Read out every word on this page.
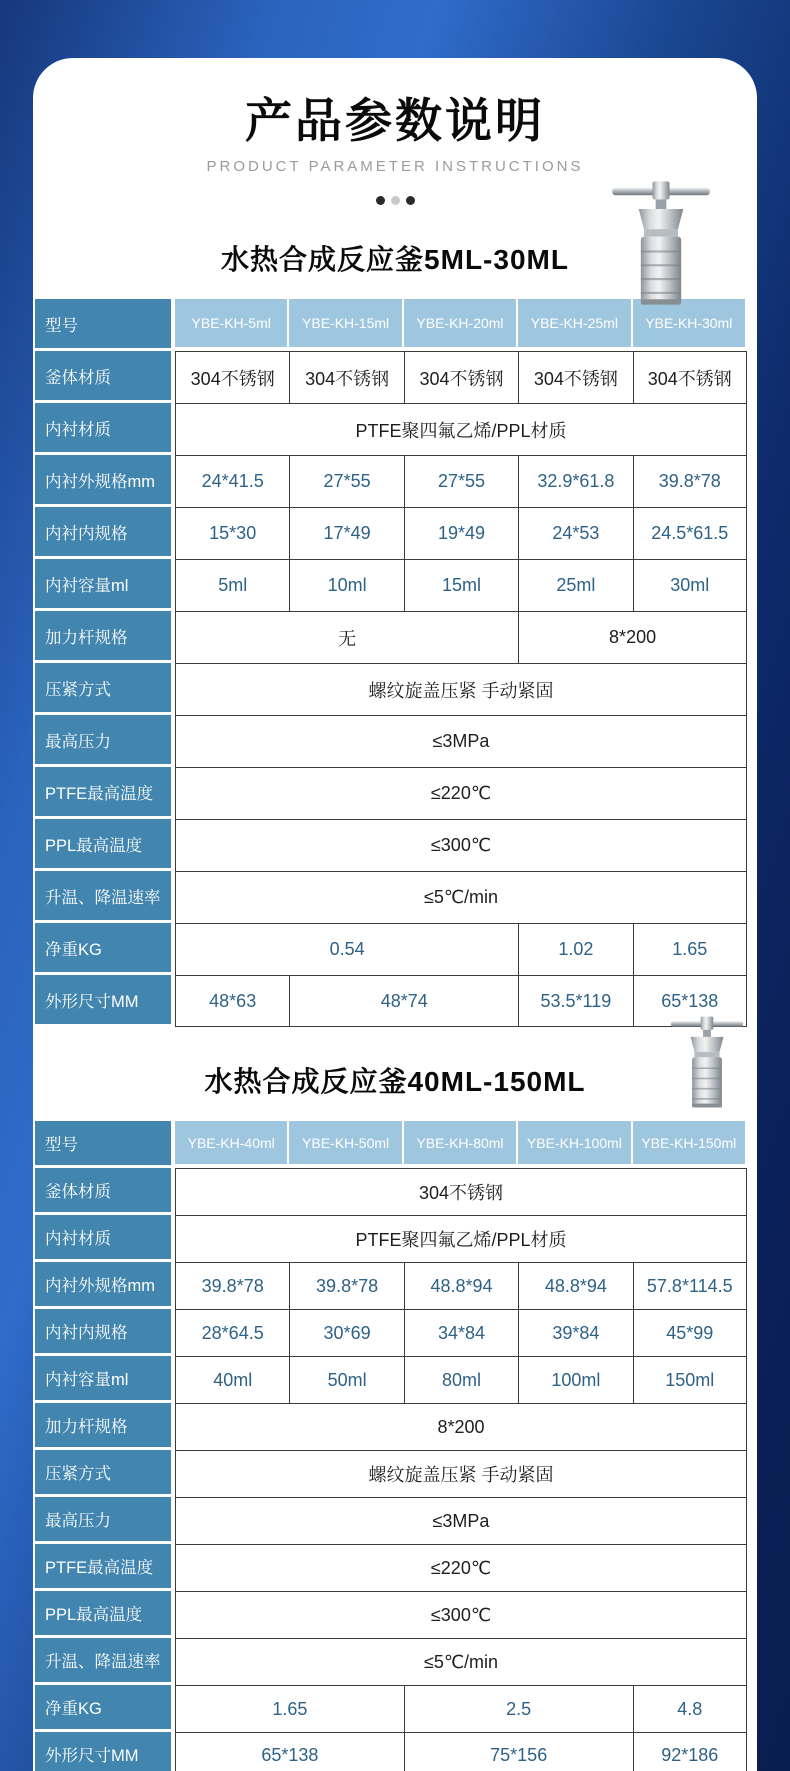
产品参数说明
PRODUCT PARAMETER INSTRUCTIONS
水热合成反应釜5ML-30ML
型号	YBE-KH-5ml	YBE-KH-15ml	YBE-KH-20ml	YBE-KH-25ml	YBE-KH-30ml
釜体材质	304不锈钢	304不锈钢	304不锈钢	304不锈钢	304不锈钢
内衬材质	PTFE聚四氟乙烯/PPL材质				
内衬外规格mm	24*41.5	27*55	27*55	32.9*61.8	39.8*78
内衬内规格	15*30	17*49	19*49	24*53	24.5*61.5
内衬容量ml	5ml	10ml	15ml	25ml	30ml
加力杆规格	无			8*200	
压紧方式	螺纹旋盖压紧 手动紧固				
最高压力	≤3MPa				
PTFE最高温度	≤220℃				
PPL最高温度	≤300℃				
升温、降温速率	≤5℃/min				
净重KG	0.54			1.02	1.65
外形尺寸MM	48*63	48*74		53.5*119	65*138
水热合成反应釜40ML-150ML
型号	YBE-KH-40ml	YBE-KH-50ml	YBE-KH-80ml	YBE-KH-100ml	YBE-KH-150ml
釜体材质	304不锈钢				
内衬材质	PTFE聚四氟乙烯/PPL材质				
内衬外规格mm	39.8*78	39.8*78	48.8*94	48.8*94	57.8*114.5
内衬内规格	28*64.5	30*69	34*84	39*84	45*99
内衬容量ml	40ml	50ml	80ml	100ml	150ml
加力杆规格	8*200				
压紧方式	螺纹旋盖压紧 手动紧固				
最高压力	≤3MPa				
PTFE最高温度	≤220℃				
PPL最高温度	≤300℃				
升温、降温速率	≤5℃/min				
净重KG	1.65		2.5		4.8
外形尺寸MM	65*138		75*156		92*186
